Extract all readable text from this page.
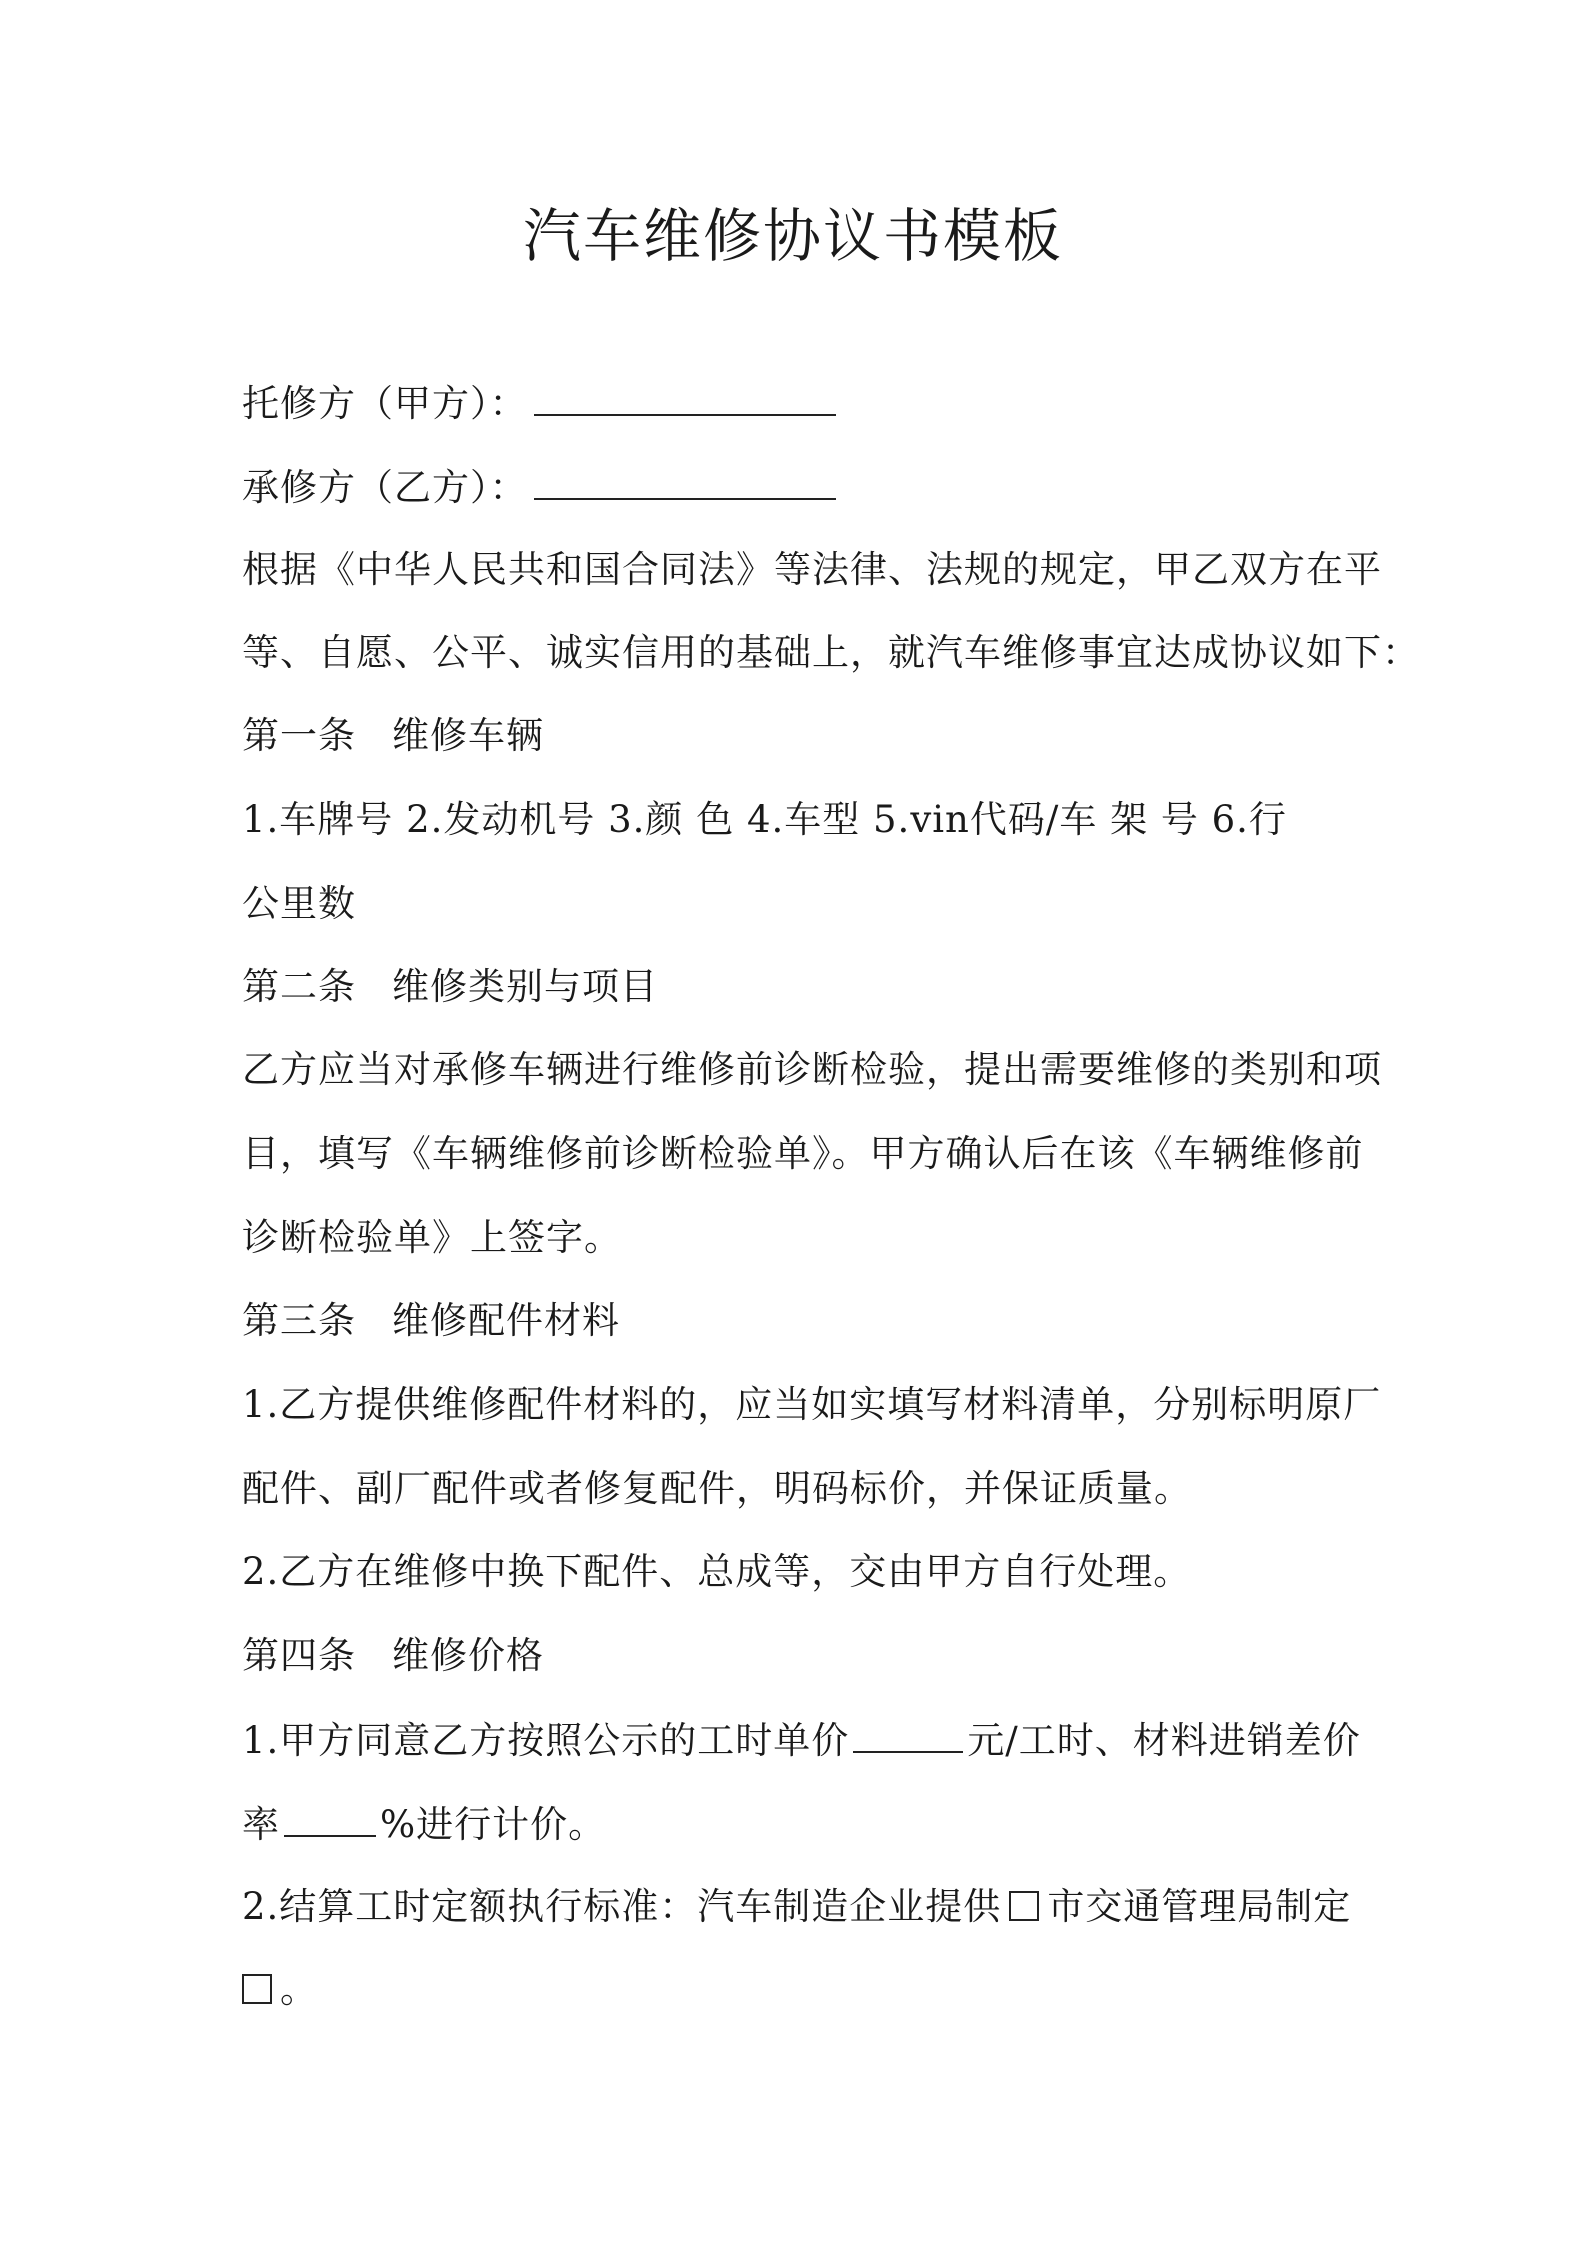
汽车维修协议书模板
托修方（甲方）：
承修方（乙方）：
根据《中华人民共和国合同法》等法律、法规的规定，甲乙双方在平
等、自愿、公平、诚实信用的基础上，就汽车维修事宜达成协议如下：
第一条 维修车辆
1.车牌号 2.发动机号 3.颜 色 4.车型 5.vin代码/车 架 号 6.行
公里数
第二条 维修类别与项目
乙方应当对承修车辆进行维修前诊断检验，提出需要维修的类别和项
目，填写《车辆维修前诊断检验单》。甲方确认后在该《车辆维修前
诊断检验单》上签字。
第三条 维修配件材料
1.乙方提供维修配件材料的，应当如实填写材料清单，分别标明原厂
配件、副厂配件或者修复配件，明码标价，并保证质量。
2.乙方在维修中换下配件、总成等，交由甲方自行处理。
第四条 维修价格
1.甲方同意乙方按照公示的工时单价	元/工时、材料进销差价
率	%进行计价。
2.结算工时定额执行标准：汽车制造企业提供 市交通管理局制定
。
